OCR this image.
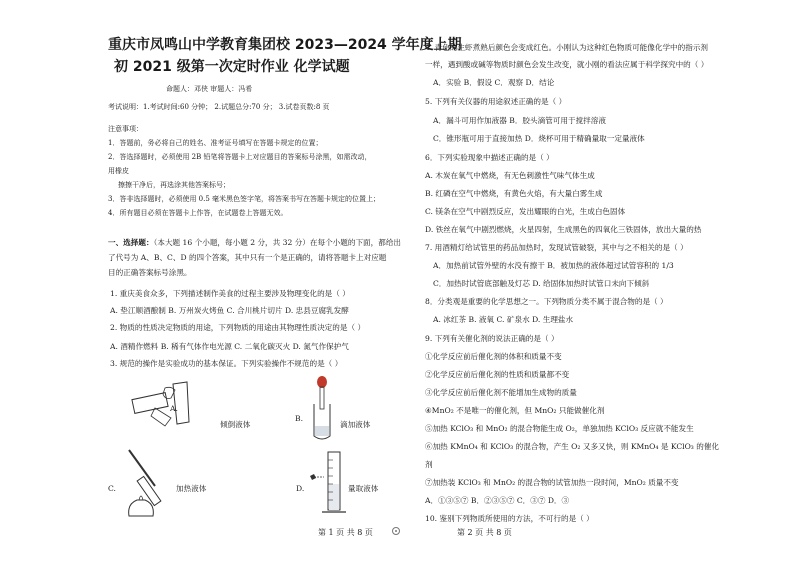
重庆市凤鸣山中学教育集团校 2023—2024 学年度上期
初 2021 级第一次定时作业 化学试题
命题人：邓侠 审题人：冯希
考试说明：1.考试时间:60 分钟； 2.试题总分:70 分； 3.试卷页数:8 页
注意事项：
1．答题前，务必将自己的姓名、准考证号填写在答题卡规定的位置；
2．答选择题时，必须使用 2B 铅笔将答题卡上对应题目的答案标号涂黑，如需改动，
用橡皮
擦擦干净后，再选涂其他答案标号；
3．答非选择题时，必须使用 0.5 毫米黑色签字笔，将答案书写在答题卡规定的位置上；
4．所有题目必须在答题卡上作答，在试题卷上答题无效。
一、选择题：（本大题 16 个小题，每小题 2 分，共 32 分）在每个小题的下面，都给出
了代号为 A、B、C、D 的四个答案，其中只有一个是正确的，请将答题卡上对应题
目的正确答案标号涂黑。
1. 重庆美食众多，下列描述制作美食的过程主要涉及物理变化的是（ ）
A. 垫江顺酒酿制 B. 万州炭火烤鱼 C. 合川桃片切片 D. 忠县豆腐乳发酵
2. 物质的性质决定物质的用途，下列物质的用途由其物理性质决定的是（ ）
A. 酒精作燃料 B. 稀有气体作电光源 C. 二氧化碳灭火 D. 氮气作保护气
3. 规范的操作是实验成功的基本保证。下列实验操作不规范的是（ ）
A.
倾倒液体
B.
滴加液体
C.	加热液体	D.	量取液体
第 1 页 共 8 页
4. 青色的生虾煮熟后颜色会变成红色。小刚认为这种红色物质可能像化学中的指示剂
一样，遇到酸或碱等物质时颜色会发生改变，就小刚的看法应属于科学探究中的（ ）
A．实验 B．假设 C．观察 D．结论
5. 下列有关仪器的用途叙述正确的是（ ）
A．漏斗可用作加液器 B．胶头滴管可用于搅拌溶液
C．锥形瓶可用于直接加热 D．烧杯可用于精确量取一定量液体
6．下列实验现象中描述正确的是（ ）
A. 木炭在氧气中燃烧，有无色刺激性气味气体生成
B. 红磷在空气中燃烧，有黄色火焰，有大量白雾生成
C. 镁条在空气中剧烈反应，发出耀眼的白光，生成白色固体
D. 铁丝在氧气中剧烈燃烧，火星四射，生成黑色的四氧化三铁固体，放出大量的热
7. 用酒精灯给试管里的药品加热时，发现试管破裂，其中与之不相关的是（ ）
A．加热前试管外壁的水没有擦干 B．被加热的液体超过试管容积的 1/3
C．加热时试管底部触及灯芯 D. 给固体加热时试管口未向下倾斜
8．分类观是重要的化学思想之一。下列物质分类不属于混合物的是（ ）
A. 冰红茶 B. 液氧 C. 矿泉水 D. 生理盐水
9. 下列有关催化剂的说法正确的是（ ）
①化学反应前后催化剂的体积和质量不变
②化学反应前后催化剂的性质和质量都不变
③化学反应前后催化剂不能增加生成物的质量
④MnO₂ 不是唯一的催化剂，但 MnO₂ 只能做催化剂
⑤加热 KClO₃ 和 MnO₂ 的混合物能生成 O₂，单独加热 KClO₃ 反应就不能发生
⑥加热 KMnO₄ 和 KClO₃ 的混合物，产生 O₂ 又多又快，则 KMnO₄ 是 KClO₃ 的催化
剂
⑦加热装 KClO₃ 和 MnO₂ 的混合物的试管加热一段时间，MnO₂ 质量不变
A．①③⑤⑦ B．②③⑤⑦ C．③⑦ D．③
10. 鉴别下列物质所使用的方法，不可行的是（ ）
第 2 页 共 8 页
